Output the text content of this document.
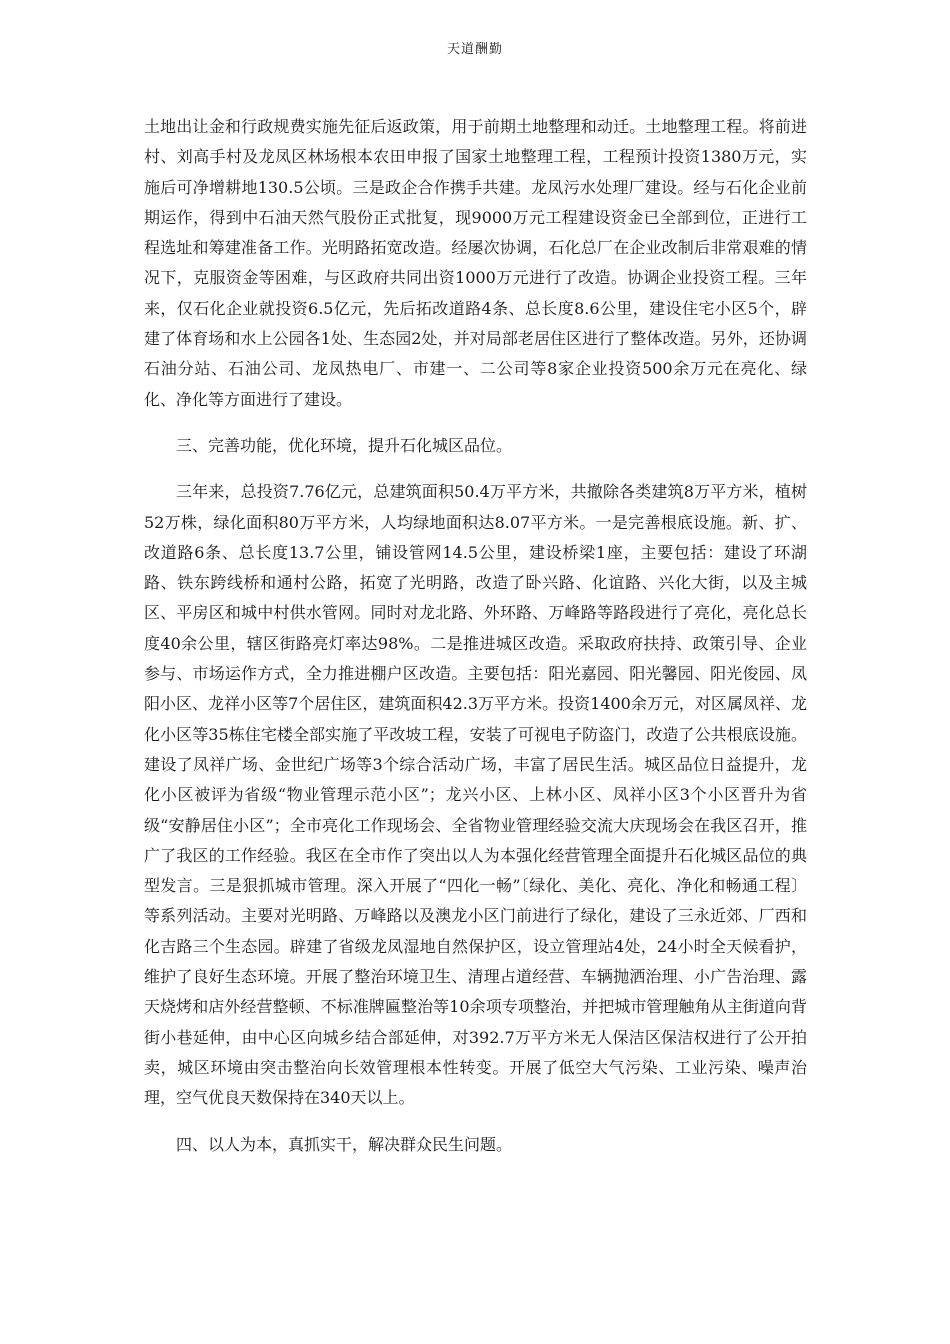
天道酬勤

土地出让金和行政规费实施先征后返政策，用于前期土地整理和动迁。土地整理工程。将前进村、刘高手村及龙凤区林场根本农田申报了国家土地整理工程，工程预计投资1380万元，实施后可净增耕地130.5公顷。三是政企合作携手共建。龙凤污水处理厂建设。经与石化企业前期运作，得到中石油天然气股份正式批复，现9000万元工程建设资金已全部到位，正进行工程选址和筹建准备工作。光明路拓宽改造。经屡次协调，石化总厂在企业改制后非常艰难的情况下，克服资金等困难，与区政府共同出资1000万元进行了改造。协调企业投资工程。三年来，仅石化企业就投资6.5亿元，先后拓改道路4条、总长度8.6公里，建设住宅小区5个，辟建了体育场和水上公园各1处、生态园2处，并对局部老居住区进行了整体改造。另外，还协调石油分站、石油公司、龙凤热电厂、市建一、二公司等8家企业投资500余万元在亮化、绿化、净化等方面进行了建设。

三、完善功能，优化环境，提升石化城区品位。

三年来，总投资7.76亿元，总建筑面积50.4万平方米，共撤除各类建筑8万平方米，植树52万株，绿化面积80万平方米，人均绿地面积达8.07平方米。一是完善根底设施。新、扩、改道路6条、总长度13.7公里，铺设管网14.5公里，建设桥梁1座，主要包括：建设了环湖路、铁东跨线桥和通村公路，拓宽了光明路，改造了卧兴路、化谊路、兴化大街，以及主城区、平房区和城中村供水管网。同时对龙北路、外环路、万峰路等路段进行了亮化，亮化总长度40余公里，辖区街路亮灯率达98%。二是推进城区改造。采取政府扶持、政策引导、企业参与、市场运作方式，全力推进棚户区改造。主要包括：阳光嘉园、阳光馨园、阳光俊园、凤阳小区、龙祥小区等7个居住区，建筑面积42.3万平方米。投资1400余万元，对区属凤祥、龙化小区等35栋住宅楼全部实施了平改坡工程，安装了可视电子防盗门，改造了公共根底设施。建设了凤祥广场、金世纪广场等3个综合活动广场，丰富了居民生活。城区品位日益提升，龙化小区被评为省级“物业管理示范小区”；龙兴小区、上林小区、凤祥小区3个小区晋升为省级“安静居住小区”；全市亮化工作现场会、全省物业管理经验交流大庆现场会在我区召开，推广了我区的工作经验。我区在全市作了突出以人为本强化经营管理全面提升石化城区品位的典型发言。三是狠抓城市管理。深入开展了“四化一畅”〔绿化、美化、亮化、净化和畅通工程〕等系列活动。主要对光明路、万峰路以及澳龙小区门前进行了绿化，建设了三永近郊、厂西和化吉路三个生态园。辟建了省级龙凤湿地自然保护区，设立管理站4处，24小时全天候看护，维护了良好生态环境。开展了整治环境卫生、清理占道经营、车辆抛洒治理、小广告治理、露天烧烤和店外经营整顿、不标准牌匾整治等10余项专项整治，并把城市管理触角从主街道向背街小巷延伸，由中心区向城乡结合部延伸，对392.7万平方米无人保洁区保洁权进行了公开拍卖，城区环境由突击整治向长效管理根本性转变。开展了低空大气污染、工业污染、噪声治理，空气优良天数保持在340天以上。

四、以人为本，真抓实干，解决群众民生问题。
